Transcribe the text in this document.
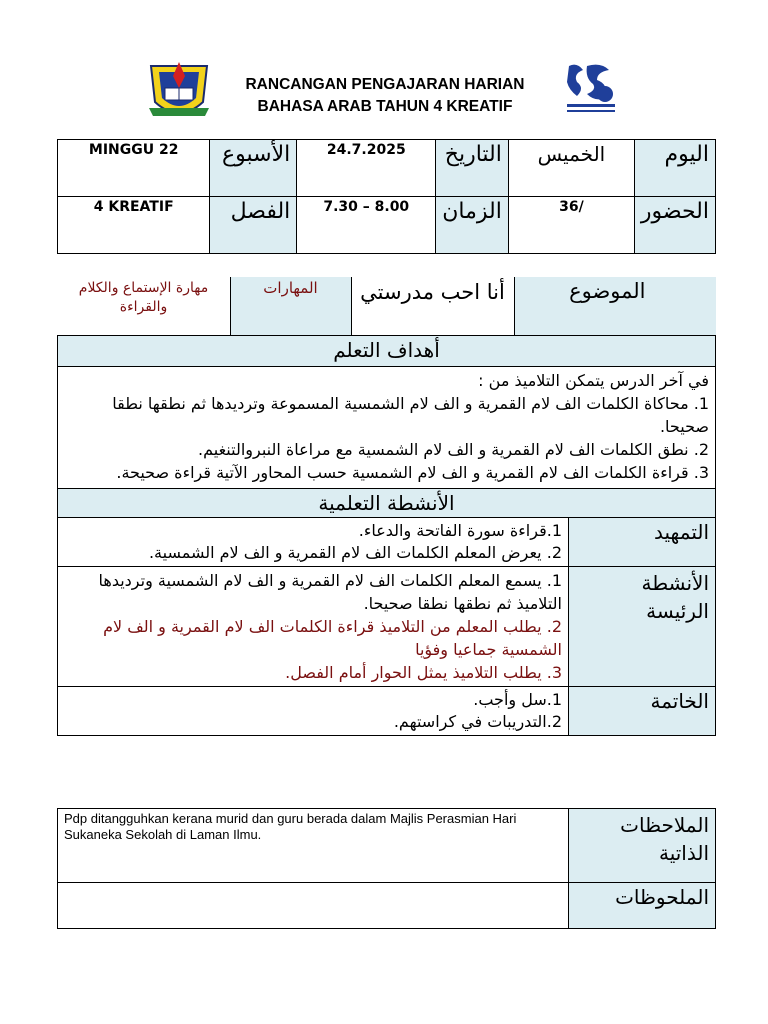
RANCANGAN PENGAJARAN HARIAN
BAHASA ARAB TAHUN 4 KREATIF
MINGGU 22	الأسبوع	24.7.2025	التاريخ	الخميس	اليوم
4 KREATIF	الفصل	7.30 – 8.00	الزمان	/36	الحضور
مهارة الإستماع والكلام والقراءة	المهارات	أنا احب مدرستي	الموضوع

أهداف التعلم

في آخر الدرس يتمكن التلاميذ من :
1. محاكاة الكلمات الف لام القمرية و الف لام الشمسية المسموعة وترديدها ثم نطقها نطقا صحيحا.
2. نطق الكلمات الف لام القمرية و الف لام الشمسية مع مراعاة النبروالتنغيم.
3. قراءة الكلمات الف لام القمرية و الف لام الشمسية حسب المحاور الآتية قراءة صحيحة.

الأنشطة التعلمية

1.قراءة سورة الفاتحة والدعاء.
2. يعرض المعلم الكلمات الف لام القمرية و الف لام الشمسية.
	التمهيد

1. يسمع المعلم الكلمات الف لام القمرية و الف لام الشمسية وترديدها التلاميذ ثم نطقها نطقا صحيحا.
2. يطلب المعلم من التلاميذ قراءة الكلمات الف لام القمرية و الف لام الشمسية جماعيا وفؤيا
3. يطلب التلاميذ يمثل الحوار أمام الفصل.
	الأنشطة الرئيسة

1.سل وأجب.
2.التدريبات في كراستهم.
	الخاتمة
Pdp ditangguhkan kerana murid dan guru berada dalam Majlis Perasmian Hari Sukaneka Sekolah di Laman Ilmu.	الملاحظات الذاتية
	الملحوظات
